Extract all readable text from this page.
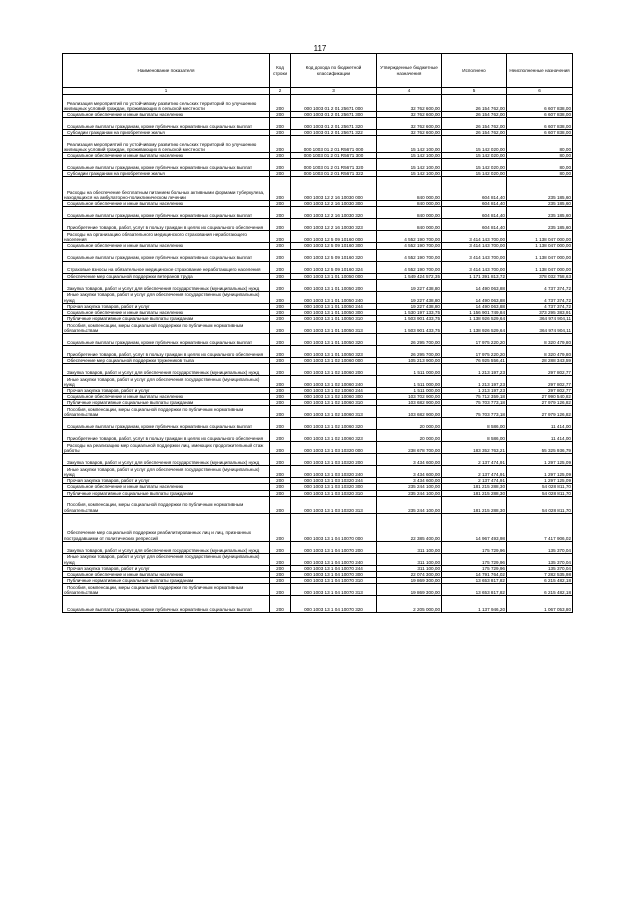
117
Наименование показателя	Код строки	Код дохода по бюджетной классификации	Утвержденные бюджетные назначения	Исполнено	Неисполненные назначения
1	2	3	4	5	6
Реализация мероприятий по устойчивому развитию сельских территорий по улучшению жилищных условий граждан, проживающих в сельской местности	200	000 1003 01 2 01 25671 000	32 762 600,00	26 154 762,00	6 607 838,00
Социальное обеспечение и иные выплаты населению	200	000 1003 01 2 01 25671 300	32 762 600,00	26 154 762,00	6 607 838,00
Социальные выплаты гражданам, кроме публичных нормативных социальных выплат	200	000 1003 01 2 01 25671 320	32 762 600,00	26 154 762,00	6 607 838,00
Субсидии гражданам на приобретение жилья	200	000 1003 01 2 01 25671 322	32 762 600,00	26 154 762,00	6 607 838,00
Реализация мероприятий по устойчивому развитию сельских территорий по улучшению жилищных условий граждан, проживающих в сельской местности	200	000 1003 01 2 01 R5671 000	15 142 100,00	15 142 020,00	80,00
Социальное обеспечение и иные выплаты населению	200	000 1003 01 2 01 R5671 300	15 142 100,00	15 142 020,00	80,00
Социальные выплаты гражданам, кроме публичных нормативных социальных выплат	200	000 1003 01 2 01 R5671 320	15 142 100,00	15 142 020,00	80,00
Субсидии гражданам на приобретение жилья	200	000 1003 01 2 01 R5671 322	15 142 100,00	15 142 020,00	80,00
Расходы на обеспечение бесплатным питанием больных активными формами туберкулеза, находящихся на амбулаторно-поликлиническом лечении	200	000 1003 12 2 16 10030 000	840 000,00	604 814,40	235 185,60
Социальное обеспечение и иные выплаты населению	200	000 1003 12 2 16 10030 300	840 000,00	604 814,40	235 185,60
Социальные выплаты гражданам, кроме публичных нормативных социальных выплат	200	000 1003 12 2 16 10030 320	840 000,00	604 814,40	235 185,60
Приобретение товаров, работ, услуг в пользу граждан в целях их социального обеспечения	200	000 1003 12 2 16 10030 323	840 000,00	604 814,40	235 185,60
Расходы на организацию обязательного медицинского страхования неработающего населения	200	000 1003 12 5 09 10160 000	4 552 190 700,00	3 414 143 700,00	1 138 047 000,00
Социальное обеспечение и иные выплаты населению	200	000 1003 12 5 09 10160 300	4 552 190 700,00	3 414 143 700,00	1 138 047 000,00
Социальные выплаты гражданам, кроме публичных нормативных социальных выплат	200	000 1003 12 5 09 10160 320	4 552 190 700,00	3 414 143 700,00	1 138 047 000,00
Страховые взносы на обязательное медицинское страхование неработающего населения	200	000 1003 12 5 09 10160 324	4 552 190 700,00	3 414 143 700,00	1 138 047 000,00
Обеспечение мер социальной поддержки ветеранов труда	200	000 1003 13 1 01 10050 000	1 549 424 572,35	1 171 391 813,72	378 032 758,63
Закупка товаров, работ и услуг для обеспечения государственных (муниципальных) нужд	200	000 1003 13 1 01 10050 200	19 227 438,80	14 490 063,88	4 737 374,72
Иные закупки товаров, работ и услуг для обеспечения государственных (муниципальных) нужд	200	000 1003 13 1 01 10050 240	19 227 438,80	14 490 063,88	4 737 374,72
Прочая закупка товаров, работ и услуг	200	000 1003 13 1 01 10050 244	19 227 438,80	14 490 063,88	4 737 374,72
Социальное обеспечение и иные выплаты населению	200	000 1003 13 1 01 10050 300	1 530 197 133,75	1 156 901 749,84	373 295 383,91
Публичные нормативные социальные выплаты гражданам	200	000 1003 13 1 01 10050 310	1 503 901 433,75	1 138 926 529,64	364 974 904,11
Пособия, компенсации, меры социальной поддержки по публичным нормативным обязательствам	200	000 1003 13 1 01 10050 313	1 503 901 433,75	1 138 926 529,64	364 974 904,11
Социальные выплаты гражданам, кроме публичных нормативных социальных выплат	200	000 1003 13 1 01 10050 320	26 295 700,00	17 975 220,20	8 320 479,80
Приобретение товаров, работ, услуг в пользу граждан в целях их социального обеспечения	200	000 1003 13 1 01 10050 323	26 295 700,00	17 975 220,20	8 320 479,80
Обеспечение мер социальной поддержки тружеников тыла	200	000 1003 13 1 02 10060 000	105 213 900,00	76 925 556,41	28 288 343,59
Закупка товаров, работ и услуг для обеспечения государственных (муниципальных) нужд	200	000 1003 13 1 02 10060 200	1 511 000,00	1 213 197,23	297 802,77
Иные закупки товаров, работ и услуг для обеспечения государственных (муниципальных) нужд	200	000 1003 13 1 02 10060 240	1 511 000,00	1 213 197,23	297 802,77
Прочая закупка товаров, работ и услуг	200	000 1003 13 1 02 10060 244	1 511 000,00	1 213 197,23	297 802,77
Социальное обеспечение и иные выплаты населению	200	000 1003 13 1 02 10060 300	103 702 900,00	75 712 359,18	27 990 540,82
Публичные нормативные социальные выплаты гражданам	200	000 1003 13 1 02 10060 310	103 682 900,00	75 703 773,18	27 979 126,82
Пособия, компенсации, меры социальной поддержки по публичным нормативным обязательствам	200	000 1003 13 1 02 10060 313	103 682 900,00	75 703 773,18	27 979 126,82
Социальные выплаты гражданам, кроме публичных нормативных социальных выплат	200	000 1003 13 1 02 10060 320	20 000,00	8 586,00	11 414,00
Приобретение товаров, работ, услуг в пользу граждан в целях их социального обеспечения	200	000 1003 13 1 02 10060 323	20 000,00	8 586,00	11 414,00
Расходы на реализацию мер социальной поддержки лиц, имеющих продолжительный стаж работы	200	000 1003 13 1 03 10320 000	238 678 700,00	183 352 763,21	55 325 936,79
Закупка товаров, работ и услуг для обеспечения государственных (муниципальных) нужд	200	000 1003 13 1 03 10320 200	3 434 600,00	2 137 474,91	1 297 125,09
Иные закупки товаров, работ и услуг для обеспечения государственных (муниципальных) нужд	200	000 1003 13 1 03 10320 240	3 434 600,00	2 137 474,91	1 297 125,09
Прочая закупка товаров, работ и услуг	200	000 1003 13 1 03 10320 244	3 434 600,00	2 137 474,91	1 297 125,09
Социальное обеспечение и иные выплаты населению	200	000 1003 13 1 03 10320 300	235 244 100,00	181 215 288,30	54 028 811,70
Публичные нормативные социальные выплаты гражданам	200	000 1003 13 1 03 10320 310	235 244 100,00	181 215 288,30	54 028 811,70
Пособия, компенсации, меры социальной поддержки по публичным нормативным обязательствам	200	000 1003 13 1 03 10320 313	235 244 100,00	181 215 288,30	54 028 811,70
Обеспечение мер социальной поддержки реабилитированных лиц и лиц, признанных пострадавшими от политических репрессий	200	000 1003 13 1 04 10070 000	22 385 400,00	14 967 493,98	7 417 906,02
Закупка товаров, работ и услуг для обеспечения государственных (муниципальных) нужд	200	000 1003 13 1 04 10070 200	311 100,00	175 729,96	135 370,04
Иные закупки товаров, работ и услуг для обеспечения государственных (муниципальных) нужд	200	000 1003 13 1 04 10070 240	311 100,00	175 729,96	135 370,04
Прочая закупка товаров, работ и услуг	200	000 1003 13 1 04 10070 244	311 100,00	175 729,96	135 370,04
Социальное обеспечение и иные выплаты населению	200	000 1003 13 1 04 10070 300	22 074 300,00	14 791 764,02	7 282 535,98
Публичные нормативные социальные выплаты гражданам	200	000 1003 13 1 04 10070 310	19 869 300,00	13 653 817,82	6 215 482,18
Пособия, компенсации, меры социальной поддержки по публичным нормативным обязательствам	200	000 1003 13 1 04 10070 313	19 869 300,00	13 653 817,82	6 215 482,18
Социальные выплаты гражданам, кроме публичных нормативных социальных выплат	200	000 1003 13 1 04 10070 320	2 205 000,00	1 137 946,20	1 067 053,80
